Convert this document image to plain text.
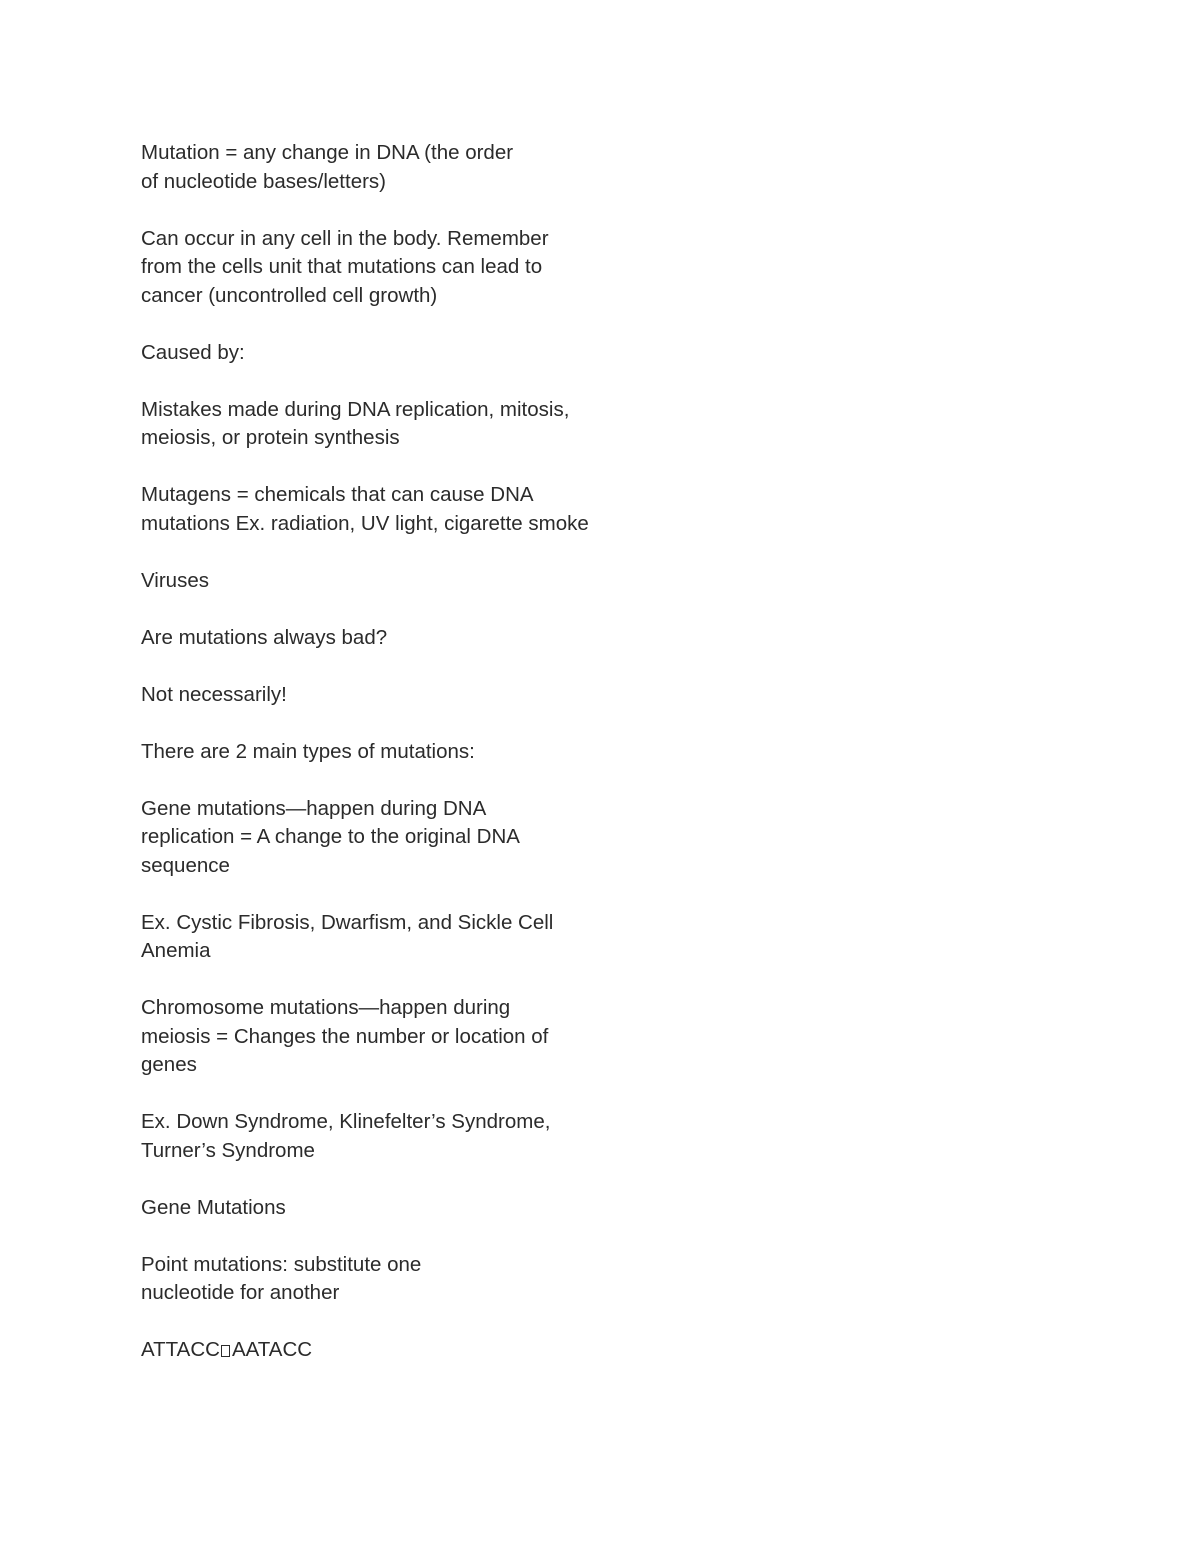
Mutation = any change in DNA (the order
of nucleotide bases/letters)

Can occur in any cell in the body. Remember
from the cells unit that mutations can lead to
cancer (uncontrolled cell growth)

Caused by:

Mistakes made during DNA replication, mitosis,
meiosis, or protein synthesis

Mutagens = chemicals that can cause DNA
mutations Ex. radiation, UV light, cigarette smoke

Viruses

Are mutations always bad?

Not necessarily!

There are 2 main types of mutations:

Gene mutations—happen during DNA
replication = A change to the original DNA
sequence

Ex. Cystic Fibrosis, Dwarfism, and Sickle Cell
Anemia

Chromosome mutations—happen during
meiosis = Changes the number or location of
genes

Ex. Down Syndrome, Klinefelter’s Syndrome,
Turner’s Syndrome

Gene Mutations

Point mutations: substitute one
nucleotide for another

ATTACC AATACC
